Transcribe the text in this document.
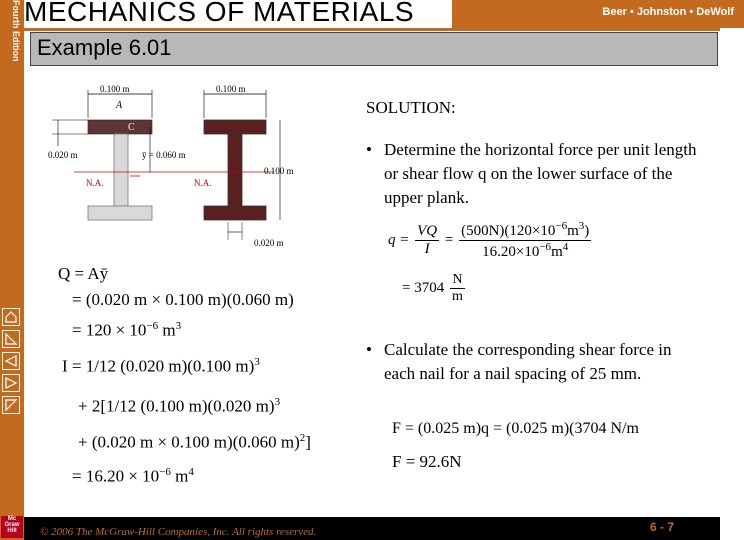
Fourth Edition
Mc
Graw
Hill
MECHANICS OF MATERIALS	Beer • Johnston • DeWolf
Example 6.01
0.100 m	0.100 m
A
C
0.020 m	ȳ = 0.060 m
N.A.	N.A.
0.100 m
0.020 m
Q = Aȳ
= (0.020 m × 0.100 m)(0.060 m)
= $120 \times 10^{-6}$ $m^3$
I = 1/12 (0.020 m)(0.100 m)$^3$
+ 2[1/12 (0.100 m)(0.020 m)$^3$
+ (0.020 m × 0.100 m)(0.060 m)$^2$]
= $16.20 \times 10^{-6}$ $m^4$
SOLUTION:
• Determine the horizontal force per unit length or shear flow q on the lower surface of the upper plank.
$q = \frac{VQ}{I} = \frac{(500N)(120\times 10^{-6}m^3)}{16.20\times 10^{-6}m^4}$
= $3704 \frac{N}{m}$
• Calculate the corresponding shear force in each nail for a nail spacing of 25 mm.
F = (0.025 m)q = (0.025 m)(3704 N/m
F = 92.6N
© 2006 The McGraw-Hill Companies, Inc. All rights reserved.	6 - 7
